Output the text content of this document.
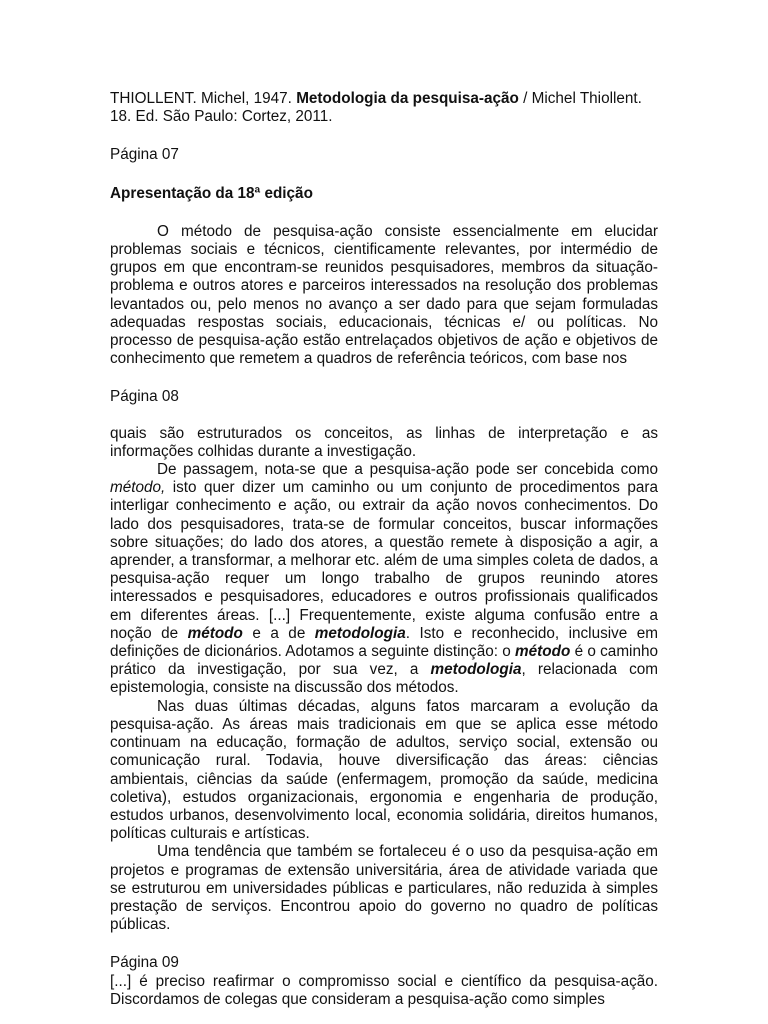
THIOLLENT. Michel, 1947. Metodologia da pesquisa-ação / Michel Thiollent.

18. Ed. São Paulo: Cortez, 2011.

Página 07

Apresentação da 18ª edição

O método de pesquisa-ação consiste essencialmente em elucidar problemas sociais e técnicos, cientificamente relevantes, por intermédio de grupos em que encontram-se reunidos pesquisadores, membros da situação-problema e outros atores e parceiros interessados na resolução dos problemas levantados ou, pelo menos no avanço a ser dado para que sejam formuladas adequadas respostas sociais, educacionais, técnicas e/ ou políticas. No processo de pesquisa-ação estão entrelaçados objetivos de ação e objetivos de conhecimento que remetem a quadros de referência teóricos, com base nos

Página 08

quais são estruturados os conceitos, as linhas de interpretação e as informações colhidas durante a investigação.

De passagem, nota-se que a pesquisa-ação pode ser concebida como método, isto quer dizer um caminho ou um conjunto de procedimentos para interligar conhecimento e ação, ou extrair da ação novos conhecimentos. Do lado dos pesquisadores, trata-se de formular conceitos, buscar informações sobre situações; do lado dos atores, a questão remete à disposição a agir, a aprender, a transformar, a melhorar etc. além de uma simples coleta de dados, a pesquisa-ação requer um longo trabalho de grupos reunindo atores interessados e pesquisadores, educadores e outros profissionais qualificados em diferentes áreas. [...] Frequentemente, existe alguma confusão entre a noção de método e a de metodologia. Isto e reconhecido, inclusive em definições de dicionários. Adotamos a seguinte distinção: o método é o caminho prático da investigação, por sua vez, a metodologia, relacionada com epistemologia, consiste na discussão dos métodos.

Nas duas últimas décadas, alguns fatos marcaram a evolução da pesquisa-ação. As áreas mais tradicionais em que se aplica esse método continuam na educação, formação de adultos, serviço social, extensão ou comunicação rural. Todavia, houve diversificação das áreas: ciências ambientais, ciências da saúde (enfermagem, promoção da saúde, medicina coletiva), estudos organizacionais, ergonomia e engenharia de produção, estudos urbanos, desenvolvimento local, economia solidária, direitos humanos, políticas culturais e artísticas.

Uma tendência que também se fortaleceu é o uso da pesquisa-ação em projetos e programas de extensão universitária, área de atividade variada que se estruturou em universidades públicas e particulares, não reduzida à simples prestação de serviços. Encontrou apoio do governo no quadro de políticas públicas.

Página 09

[...] é preciso reafirmar o compromisso social e científico da pesquisa-ação. Discordamos de colegas que consideram a pesquisa-ação como simples
